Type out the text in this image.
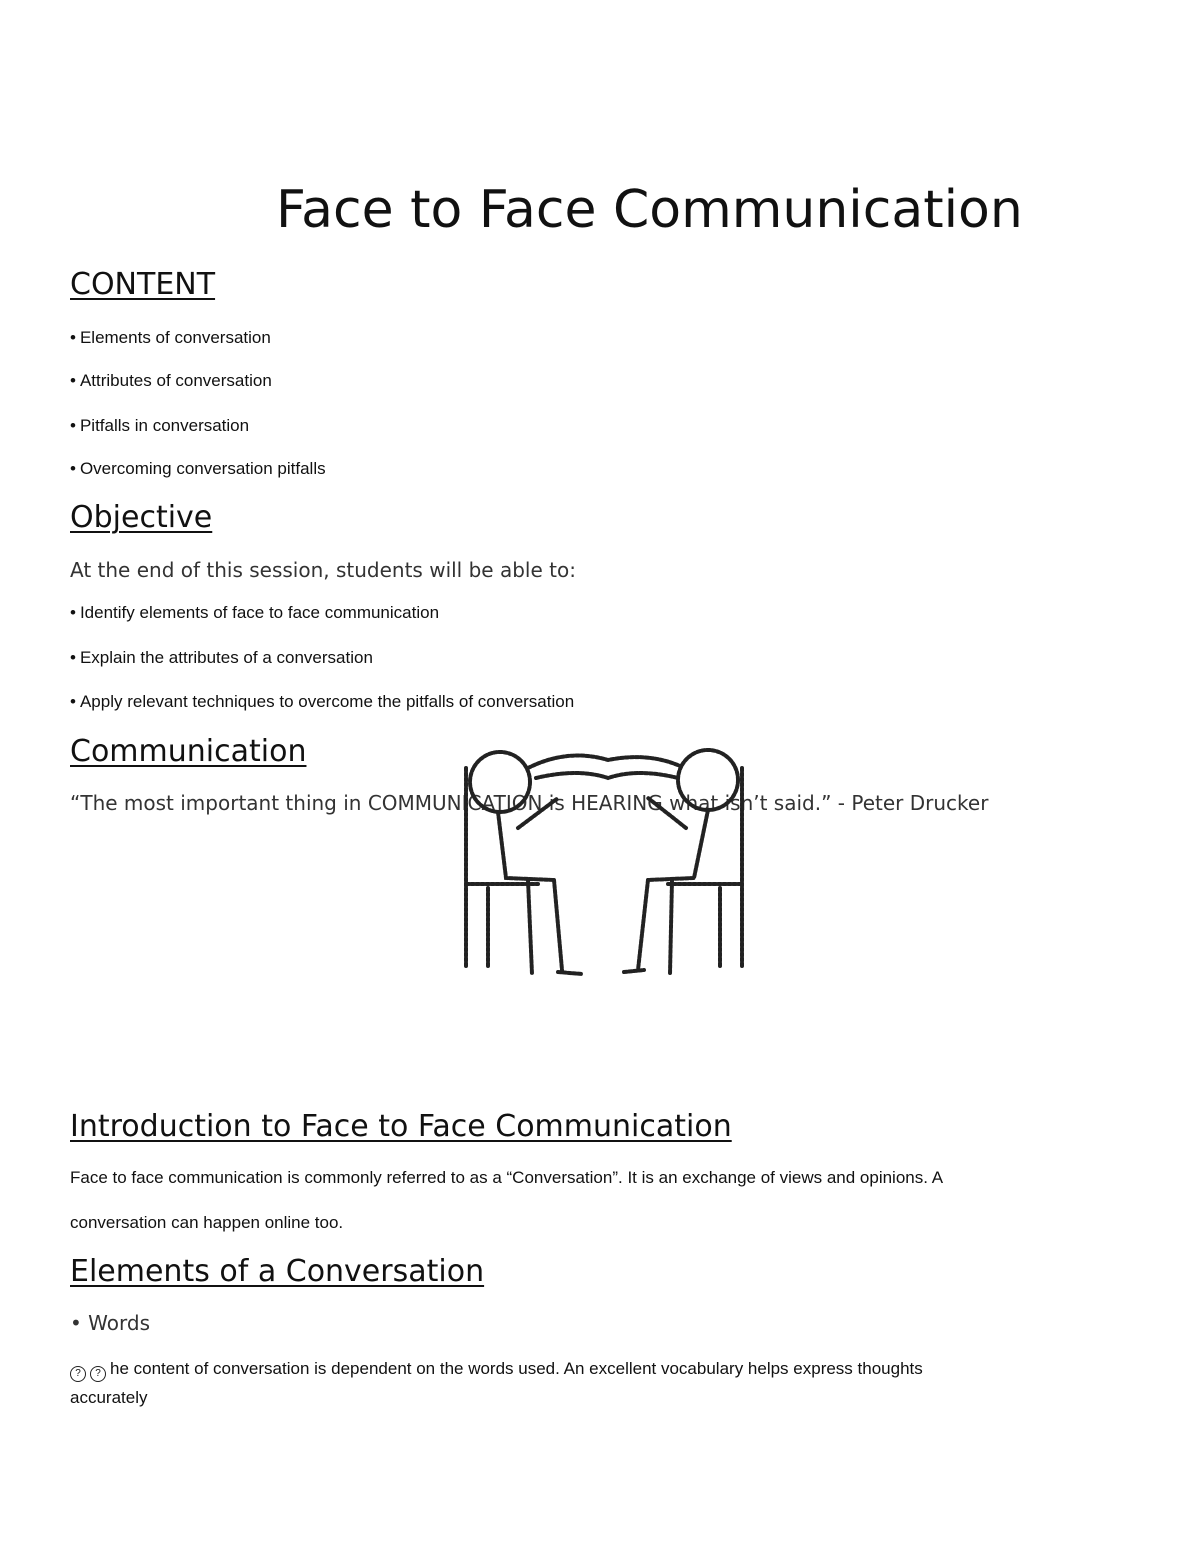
Face to Face Communication
CONTENT
• Elements of conversation
• Attributes of conversation
• Pitfalls in conversation
• Overcoming conversation pitfalls
Objective
At the end of this session, students will be able to:
• Identify elements of face to face communication
• Explain the attributes of a conversation
• Apply relevant techniques to overcome the pitfalls of conversation
Communication
“The most important thing in COMMUNICATION is HEARING what isn’t said.” - Peter Drucker
Introduction to Face to Face Communication
Face to face communication is commonly referred to as a “Conversation”. It is an exchange of views and opinions. A
conversation can happen online too.
Elements of a Conversation
• Words
? ? he content of conversation is dependent on the words used. An excellent vocabulary helps express thoughts
accurately
